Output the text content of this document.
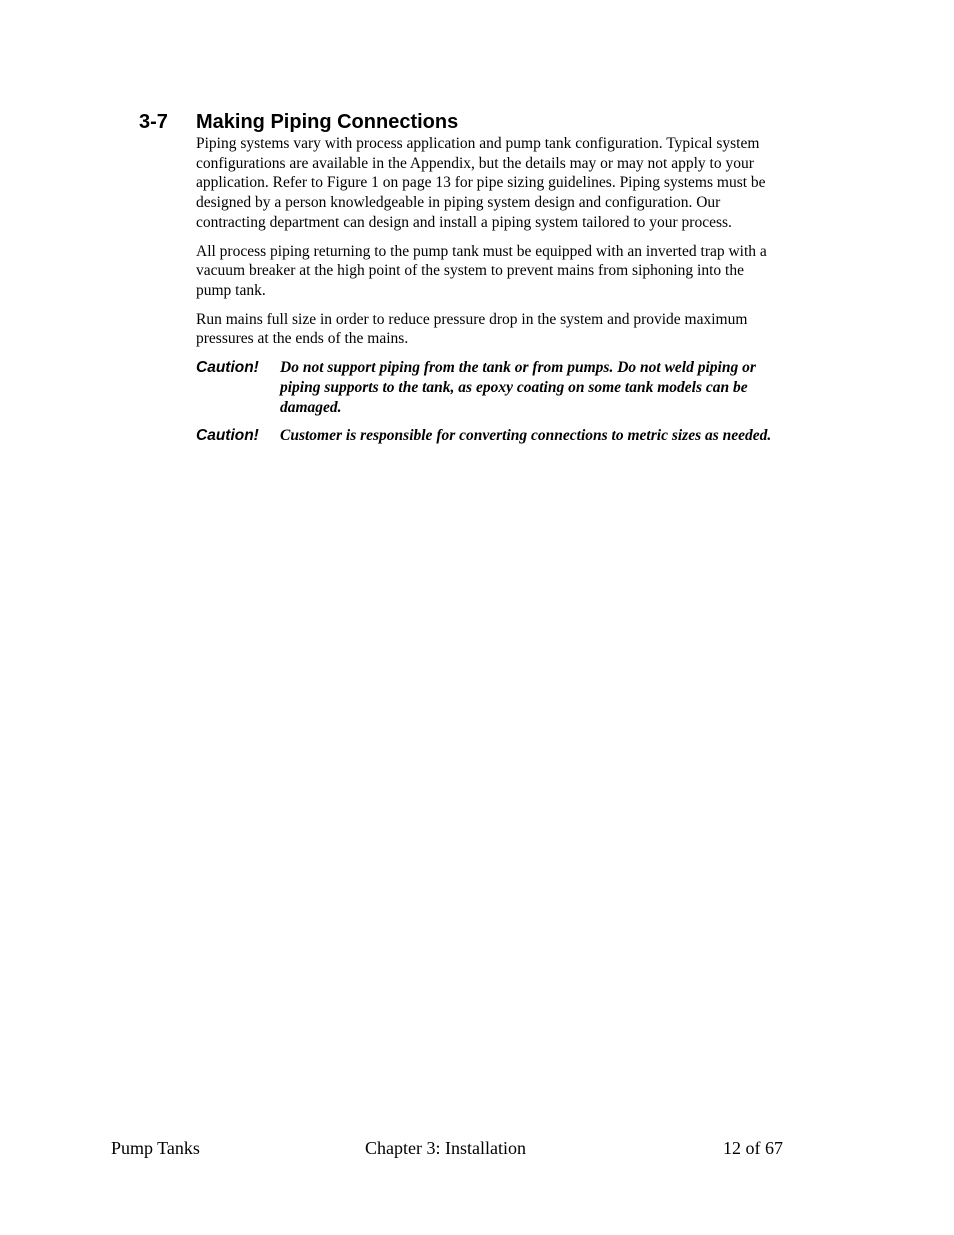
3-7 Making Piping Connections

Piping systems vary with process application and pump tank configuration. Typical system
configurations are available in the Appendix, but the details may or may not apply to your
application. Refer to Figure 1 on page 13 for pipe sizing guidelines. Piping systems must be
designed by a person knowledgeable in piping system design and configuration. Our
contracting department can design and install a piping system tailored to your process.

All process piping returning to the pump tank must be equipped with an inverted trap with a
vacuum breaker at the high point of the system to prevent mains from siphoning into the
pump tank.

Run mains full size in order to reduce pressure drop in the system and provide maximum
pressures at the ends of the mains.

Caution!	Do not support piping from the tank or from pumps. Do not weld piping or
piping supports to the tank, as epoxy coating on some tank models can be
damaged.
Caution!	Customer is responsible for converting connections to metric sizes as needed.
Pump Tanks	Chapter 3: Installation	12 of 67
